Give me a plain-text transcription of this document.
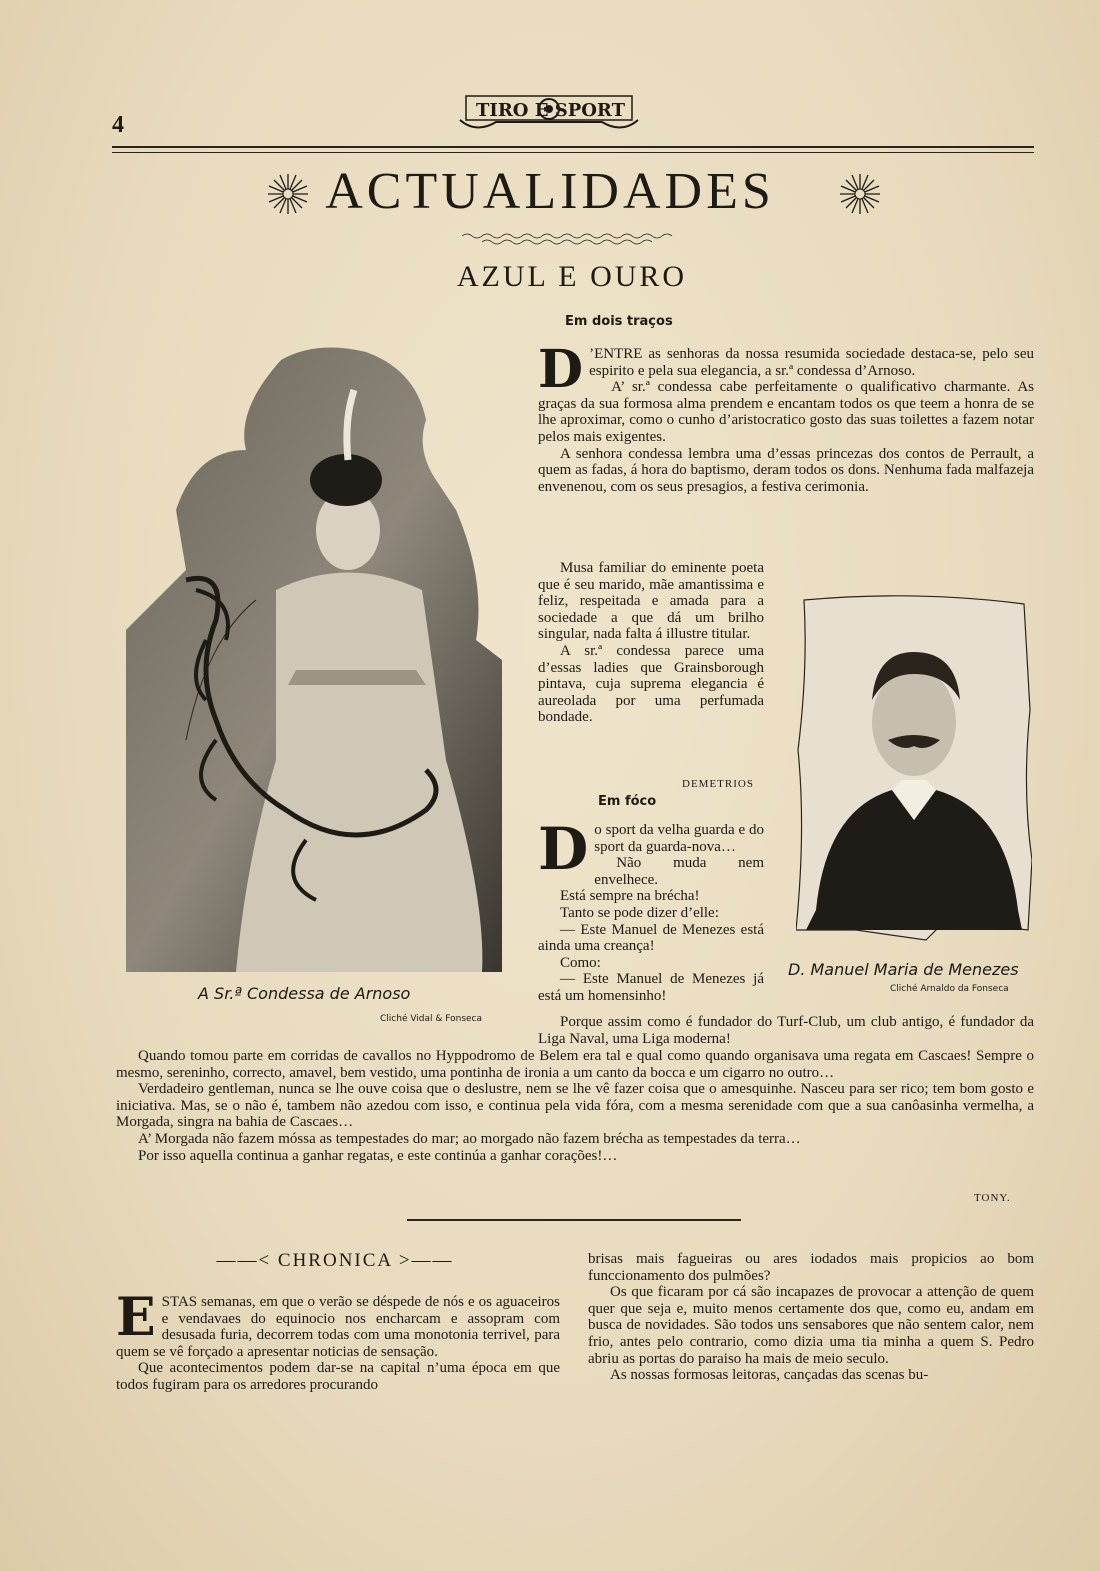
4
TIRO E SPORT
ACTUALIDADES
AZUL E OURO
A Sr.ª Condessa de Arnoso
Cliché Vidal & Fonseca
D. Manuel Maria de Menezes
Cliché Arnaldo da Fonseca
Em dois traços

D ’ENTRE as senhoras da nossa resumida sociedade destaca-se, pelo seu espirito e pela sua elegancia, a sr.ª condessa d’Arnoso.

A’ sr.ª condessa cabe perfeitamente o qualificativo charmante. As graças da sua formosa alma prendem e encantam todos os que teem a honra de se lhe aproximar, como o cunho d’aristocratico gosto das suas toilettes a fazem notar pelos mais exigentes.

A senhora condessa lembra uma d’essas princezas dos contos de Perrault, a quem as fadas, á hora do baptismo, deram todos os dons. Nenhuma fada malfazeja envenenou, com os seus presagios, a festiva cerimonia.

Musa familiar do eminente poeta que é seu marido, mãe amantissima e feliz, respeitada e amada para a sociedade a que dá um brilho singular, nada falta á illustre titular.

A sr.ª condessa parece uma d’essas ladies que Grainsborough pintava, cuja suprema elegancia é aureolada por uma perfumada bondade.

DEMETRIOS
Em fóco

Do sport da velha guarda e do sport da guarda-nova…

Não muda nem envelhece.

Está sempre na bréchа!

Tanto se pode dizer d’elle:

— Este Manuel de Menezes está ainda uma creança!

Como:

— Este Manuel de Menezes já está um homensinho!

Porque assim como é fundador do Turf-Club, um club antigo, é fundador da Liga Naval, uma Liga moderna!

Quando tomou parte em corridas de cavallos no Hyppodromo de Belem era tal e qual como quando organisava uma regata em Cascaes! Sempre o mesmo, sereninho, correcto, amavel, bem vestido, uma pontinha de ironia a um canto da bocca e um cigarro no outro…

Verdadeiro gentleman, nunca se lhe ouve coisa que o deslustre, nem se lhe vê fazer coisa que o amesquinhe. Nasceu para ser rico; tem bom gosto e iniciativa. Mas, se o não é, tambem não azedou com isso, e continua pela vida fóra, com a mesma serenidade com que a sua canôasinha vermelha, a Morgada, singra na bahia de Cascaes…

A’ Morgada não fazem móssa as tempestades do mar; ao morgado não fazem brécha as tempestades da terra…

Por isso aquella continua a ganhar regatas, e este continúa a ganhar corações!…

TONY.
——< CHRONICA >——

ESTAS semanas, em que o verão se déspede de nós e os aguaceiros e vendavaes do equinocio nos encharcam e assopram com desusada furia, decorrem todas com uma monotonia terrivel, para quem se vê forçado a apresentar noticias de sensação.

Que acontecimentos podem dar-se na capital n’uma época em que todos fugiram para os arredores procurando

brisas mais fagueiras ou ares iodados mais propicios ao bom funccionamento dos pulmões?

Os que ficaram por cá são incapazes de provocar a attenção de quem quer que seja e, muito menos certamente dos que, como eu, andam em busca de novidades. São todos uns sensabores que não sentem calor, nem frio, antes pelo contrario, como dizia uma tia minha a quem S. Pedro abriu as portas do paraiso ha mais de meio seculo.

As nossas formosas leitoras, cançadas das scenas bu-
